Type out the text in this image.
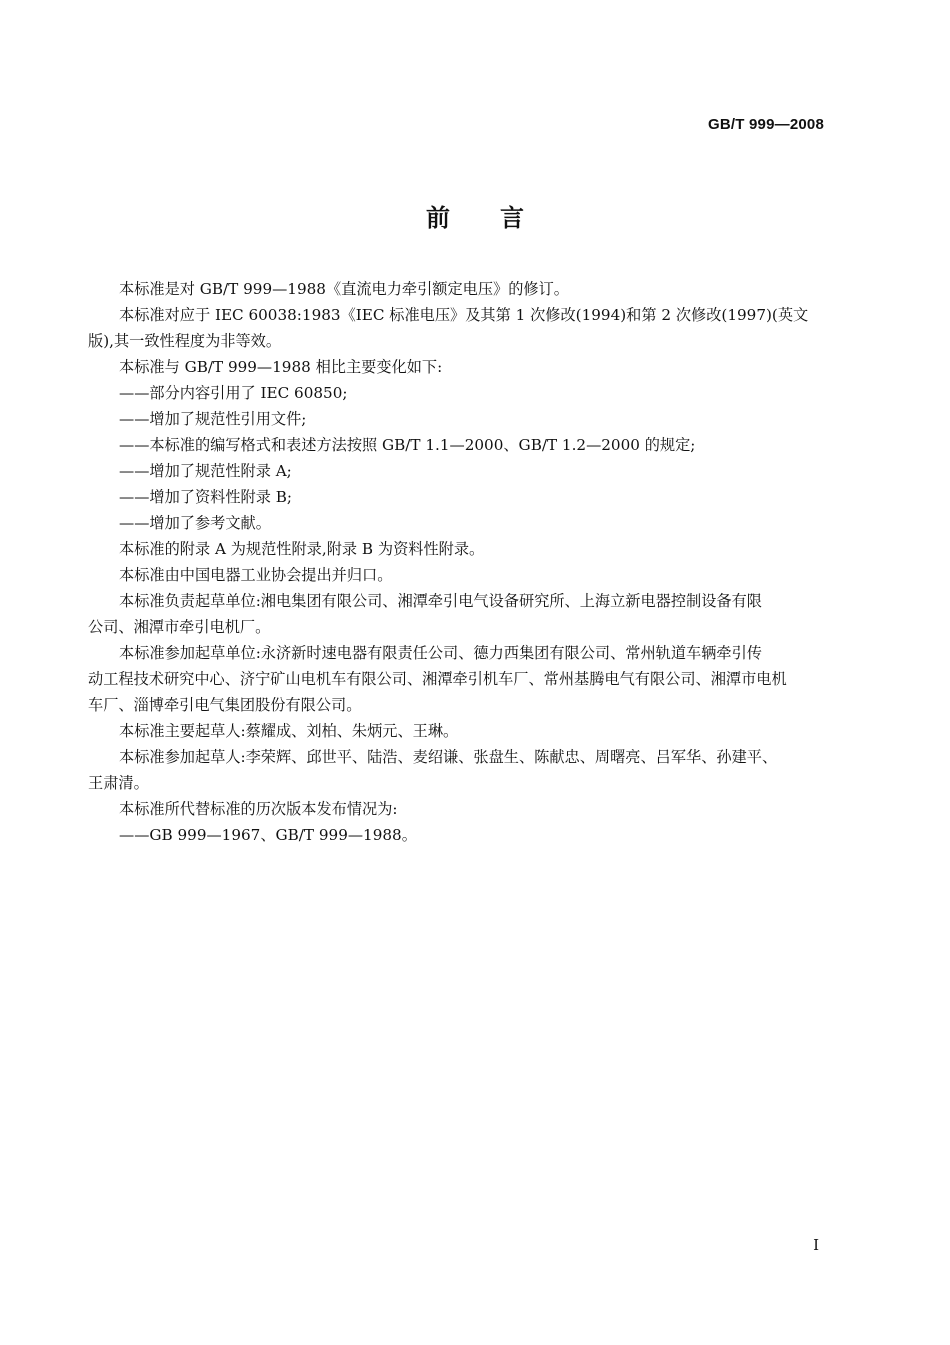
GB/T 999—2008
前言

本标准是对 GB/T 999—1988《直流电力牵引额定电压》的修订。

本标准对应于 IEC 60038:1983《IEC 标准电压》及其第 1 次修改(1994)和第 2 次修改(1997)(英文

版),其一致性程度为非等效。

本标准与 GB/T 999—1988 相比主要变化如下:

——部分内容引用了 IEC 60850;

——增加了规范性引用文件;

——本标准的编写格式和表述方法按照 GB/T 1.1—2000、GB/T 1.2—2000 的规定;

——增加了规范性附录 A;

——增加了资料性附录 B;

——增加了参考文献。

本标准的附录 A 为规范性附录,附录 B 为资料性附录。

本标准由中国电器工业协会提出并归口。

本标准负责起草单位:湘电集团有限公司、湘潭牵引电气设备研究所、上海立新电器控制设备有限

公司、湘潭市牵引电机厂。

本标准参加起草单位:永济新时速电器有限责任公司、德力西集团有限公司、常州轨道车辆牵引传

动工程技术研究中心、济宁矿山电机车有限公司、湘潭牵引机车厂、常州基腾电气有限公司、湘潭市电机

车厂、淄博牵引电气集团股份有限公司。

本标准主要起草人:蔡耀成、刘柏、朱炳元、王琳。

本标准参加起草人:李荣辉、邱世平、陆浩、麦绍谦、张盘生、陈献忠、周曙亮、吕军华、孙建平、

王肃清。

本标准所代替标准的历次版本发布情况为:

——GB 999—1967、GB/T 999—1988。

I
